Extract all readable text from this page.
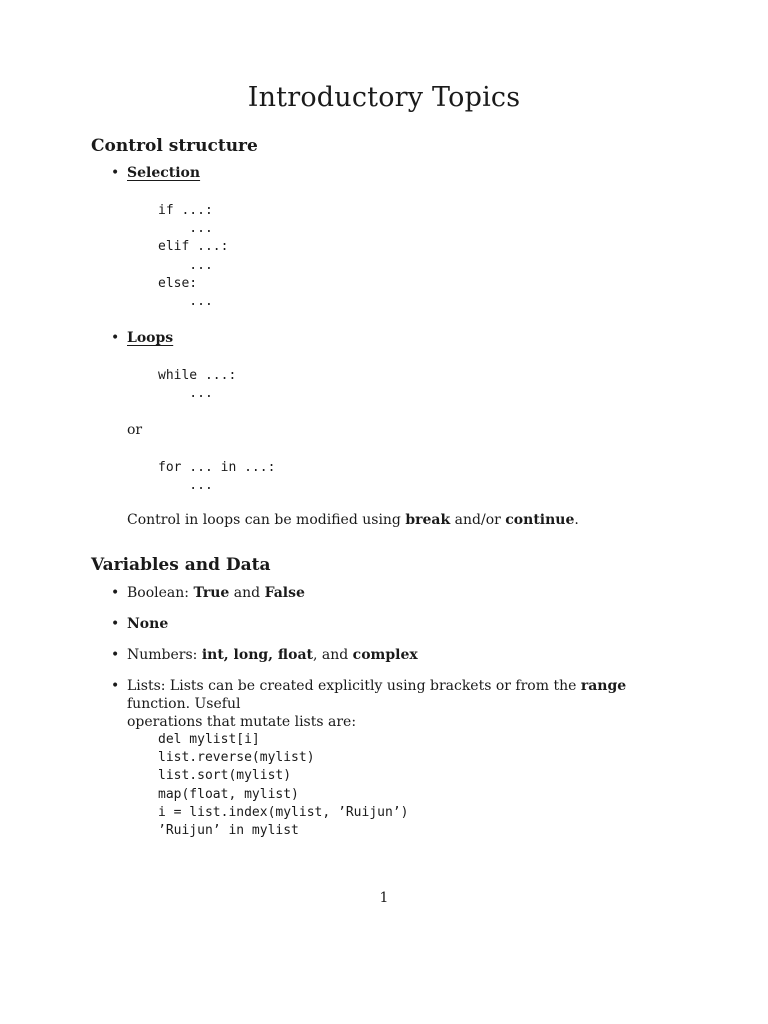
Introductory Topics
Control structure
• Selection
if ...:
...
elif ...:
...
else:
...
• Loops
while ...:
...
or
for ... in ...:
...
Control in loops can be modified using break and/or continue.
Variables and Data
• Boolean: True and False
• None
• Numbers: int, long, float, and complex
• Lists: Lists can be created explicitly using brackets or from the range function. Useful
operations that mutate lists are:
del mylist[i]
list.reverse(mylist)
list.sort(mylist)
map(float, mylist)
i = list.index(mylist, ’Ruijun’)
’Ruijun’ in mylist
1
